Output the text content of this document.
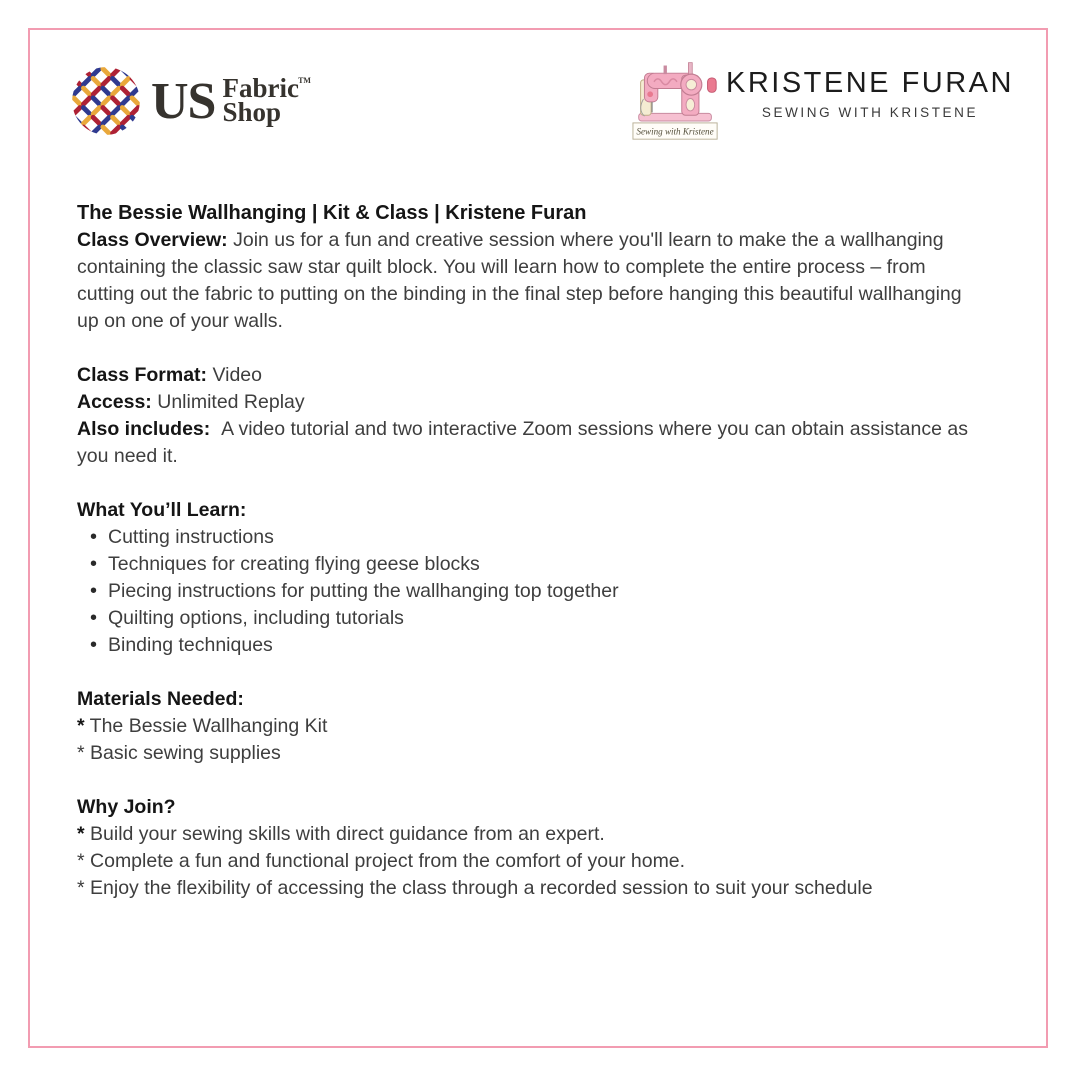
US Fabric
Shop
TM
Sewing with Kristene
KRISTENE FURAN
SEWING WITH KRISTENE

The Bessie Wallhanging | Kit & Class | Kristene Furan

Class Overview: Join us for a fun and creative session where you'll learn to make the a wallhanging containing the classic saw star quilt block. You will learn how to complete the entire process – from cutting out the fabric to putting on the binding in the final step before hanging this beautiful wallhanging up on one of your walls.

Class Format: Video

Access: Unlimited Replay

Also includes:  A video tutorial and two interactive Zoom sessions where you can obtain assistance as you need it.

What You’ll Learn:

• Cutting instructions
• Techniques for creating flying geese blocks
• Piecing instructions for putting the wallhanging top together
• Quilting options, including tutorials
• Binding techniques

Materials Needed:

* The Bessie Wallhanging Kit

* Basic sewing supplies

Why Join?

* Build your sewing skills with direct guidance from an expert.

* Complete a fun and functional project from the comfort of your home.

* Enjoy the flexibility of accessing the class through a recorded session to suit your schedule
